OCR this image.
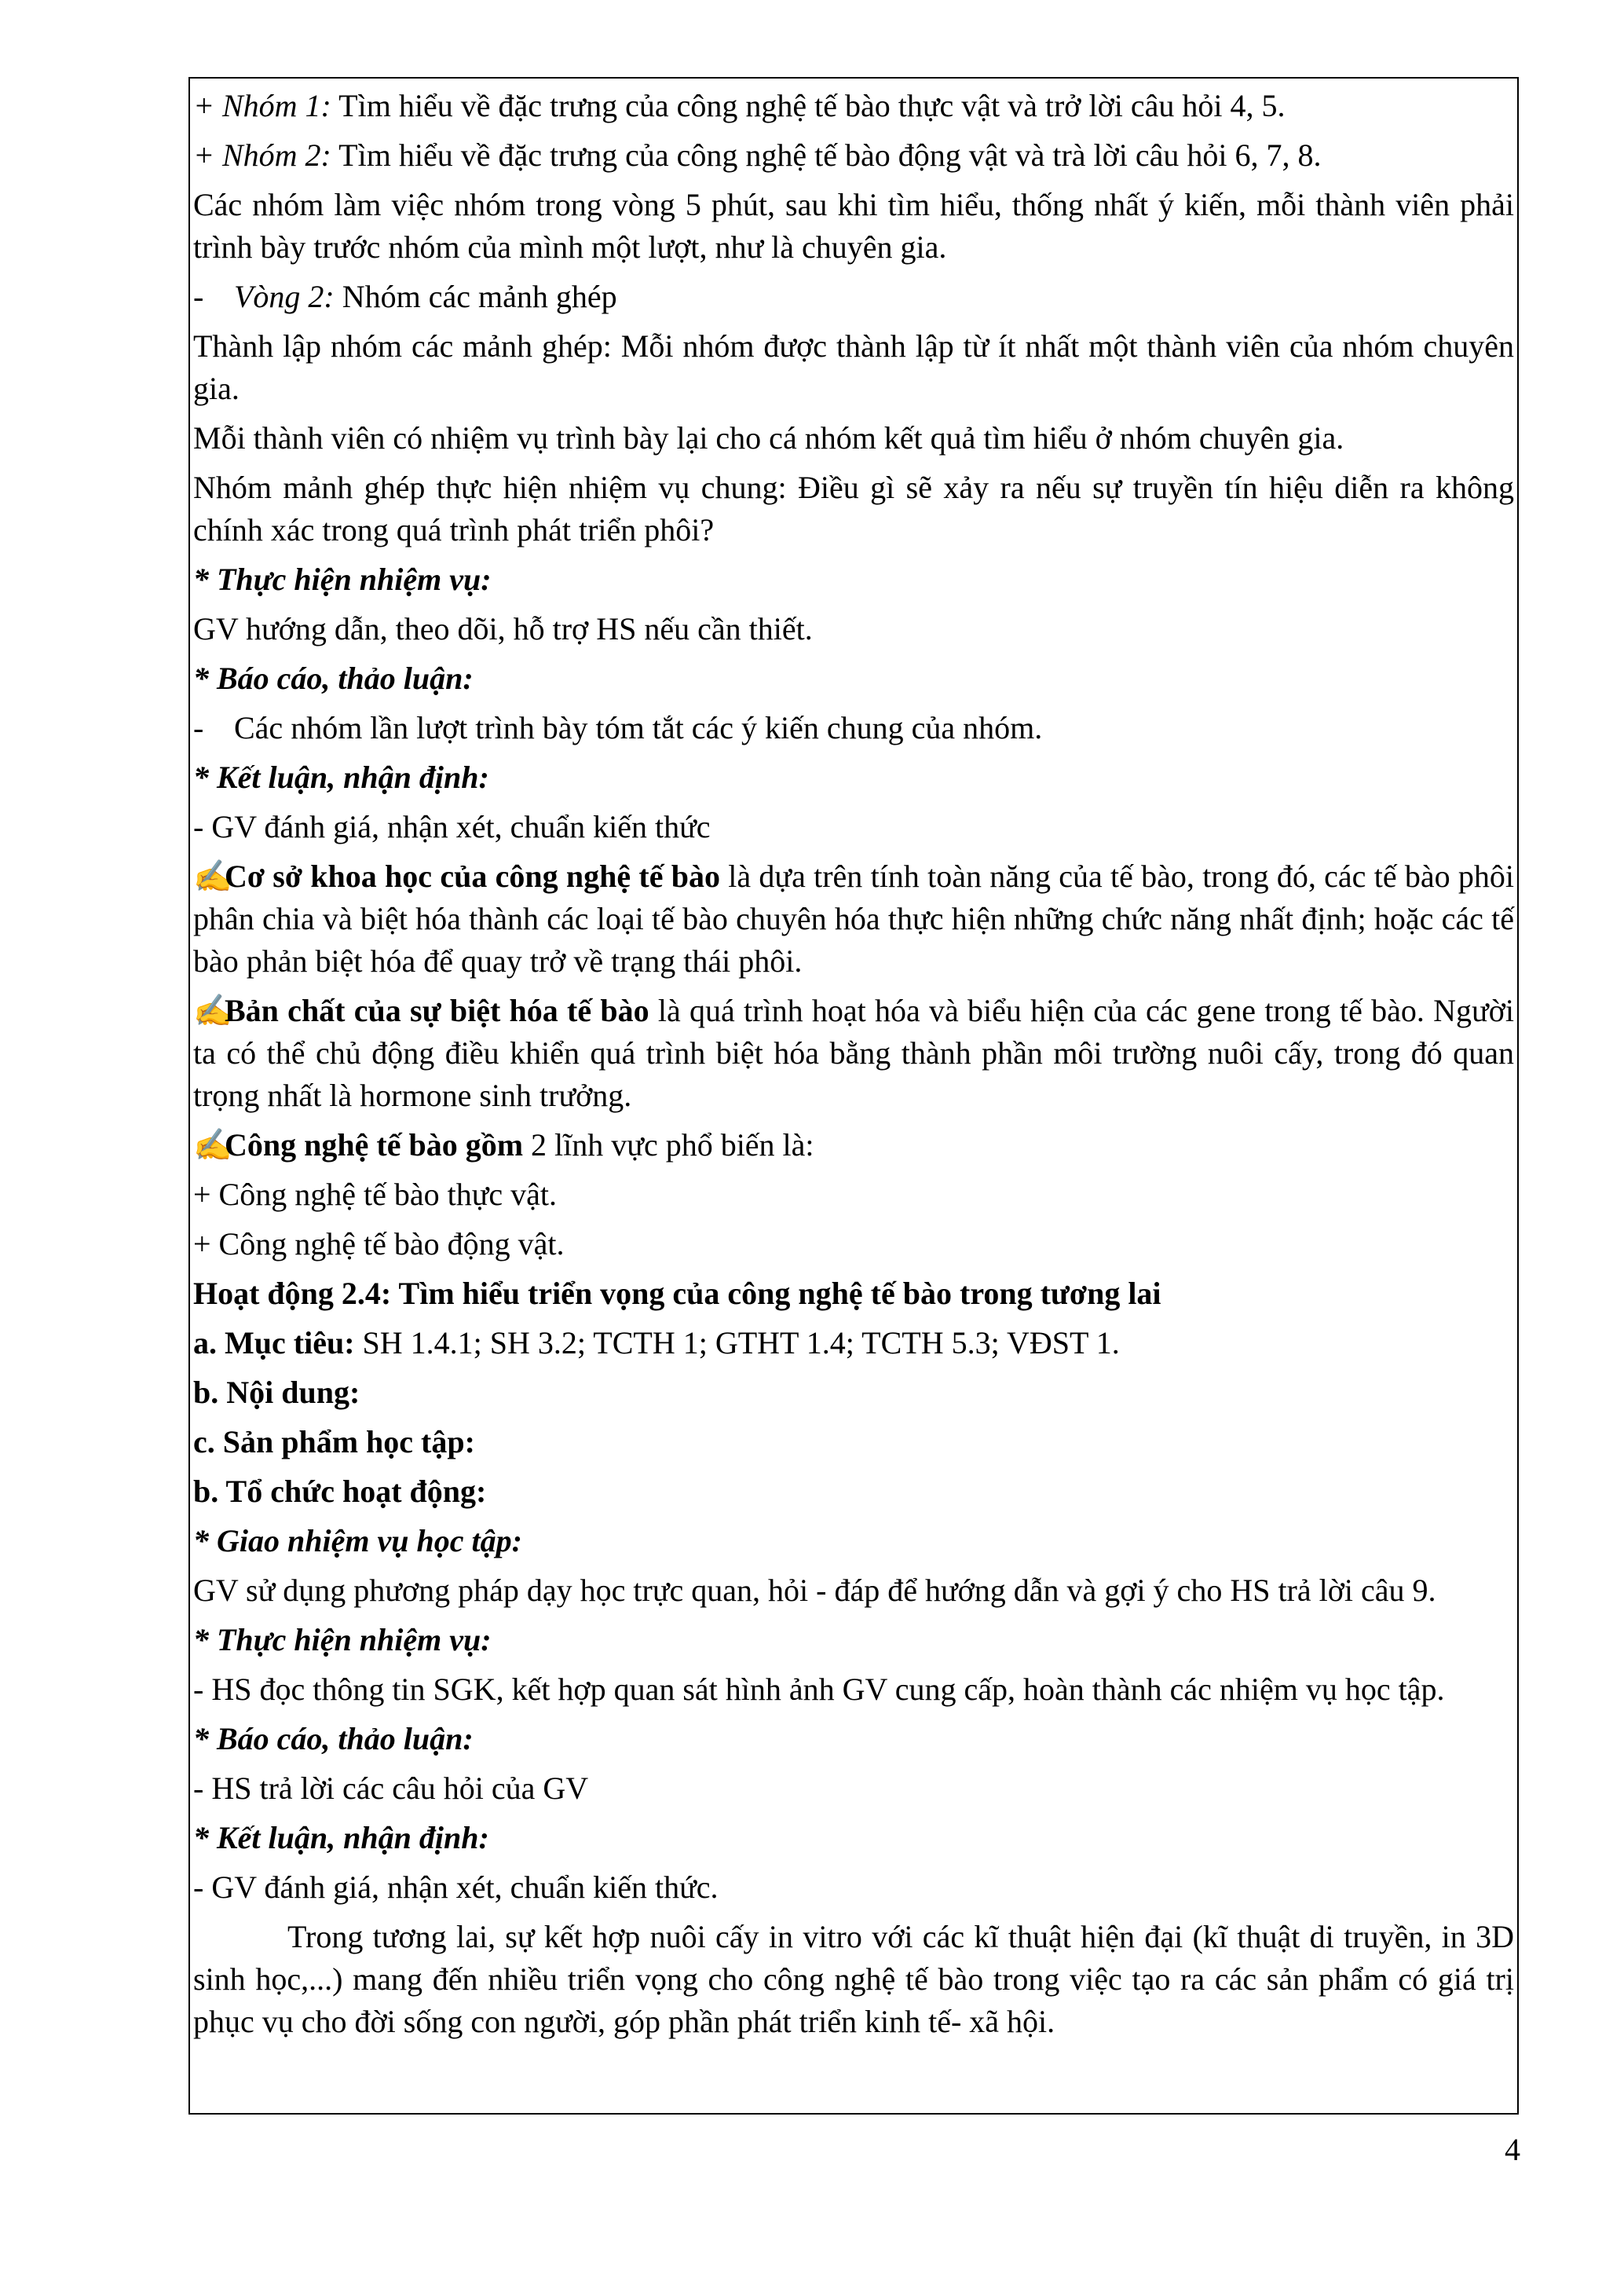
+ Nhóm 1: Tìm hiểu về đặc trưng của công nghệ tế bào thực vật và trở lời câu hỏi 4, 5.

+ Nhóm 2: Tìm hiểu về đặc trưng của công nghệ tế bào động vật và trà lời câu hỏi 6, 7, 8.

Các nhóm làm việc nhóm trong vòng 5 phút, sau khi tìm hiểu, thống nhất ý kiến, mỗi thành viên phải trình bày trước nhóm của mình một lượt, như là chuyên gia.

- Vòng 2: Nhóm các mảnh ghép

Thành lập nhóm các mảnh ghép: Mỗi nhóm được thành lập từ ít nhất một thành viên của nhóm chuyên gia.

Mỗi thành viên có nhiệm vụ trình bày lại cho cá nhóm kết quả tìm hiểu ở nhóm chuyên gia.

Nhóm mảnh ghép thực hiện nhiệm vụ chung: Điều gì sẽ xảy ra nếu sự truyền tín hiệu diễn ra không chính xác trong quá trình phát triển phôi?

* Thực hiện nhiệm vụ:

GV hướng dẫn, theo dõi, hỗ trợ HS nếu cần thiết.

* Báo cáo, thảo luận:

- Các nhóm lần lượt trình bày tóm tắt các ý kiến chung của nhóm.

* Kết luận, nhận định:

- GV đánh giá, nhận xét, chuẩn kiến thức

✍Cơ sở khoa học của công nghệ tế bào là dựa trên tính toàn năng của tế bào, trong đó, các tế bào phôi phân chia và biệt hóa thành các loại tế bào chuyên hóa thực hiện những chức năng nhất định; hoặc các tế bào phản biệt hóa để quay trở về trạng thái phôi.

✍Bản chất của sự biệt hóa tế bào là quá trình hoạt hóa và biểu hiện của các gene trong tế bào. Người ta có thể chủ động điều khiển quá trình biệt hóa bằng thành phần môi trường nuôi cấy, trong đó quan trọng nhất là hormone sinh trưởng.

✍Công nghệ tế bào gồm 2 lĩnh vực phổ biến là:

+ Công nghệ tế bào thực vật.

+ Công nghệ tế bào động vật.

Hoạt động 2.4: Tìm hiểu triển vọng của công nghệ tế bào trong tương lai

a. Mục tiêu: SH 1.4.1; SH 3.2; TCTH 1; GTHT 1.4; TCTH 5.3; VĐST 1.

b. Nội dung:

c. Sản phẩm học tập:

b. Tổ chức hoạt động:

* Giao nhiệm vụ học tập:

GV sử dụng phương pháp dạy học trực quan, hỏi - đáp để hướng dẫn và gợi ý cho HS trả lời câu 9.

* Thực hiện nhiệm vụ:

- HS đọc thông tin SGK, kết hợp quan sát hình ảnh GV cung cấp, hoàn thành các nhiệm vụ học tập.

* Báo cáo, thảo luận:

- HS trả lời các câu hỏi của GV

* Kết luận, nhận định:

- GV đánh giá, nhận xét, chuẩn kiến thức.

Trong tương lai, sự kết hợp nuôi cấy in vitro với các kĩ thuật hiện đại (kĩ thuật di truyền, in 3D sinh học,...) mang đến nhiều triển vọng cho công nghệ tế bào trong việc tạo ra các sản phẩm có giá trị phục vụ cho đời sống con người, góp phần phát triển kinh tế- xã hội.

4
